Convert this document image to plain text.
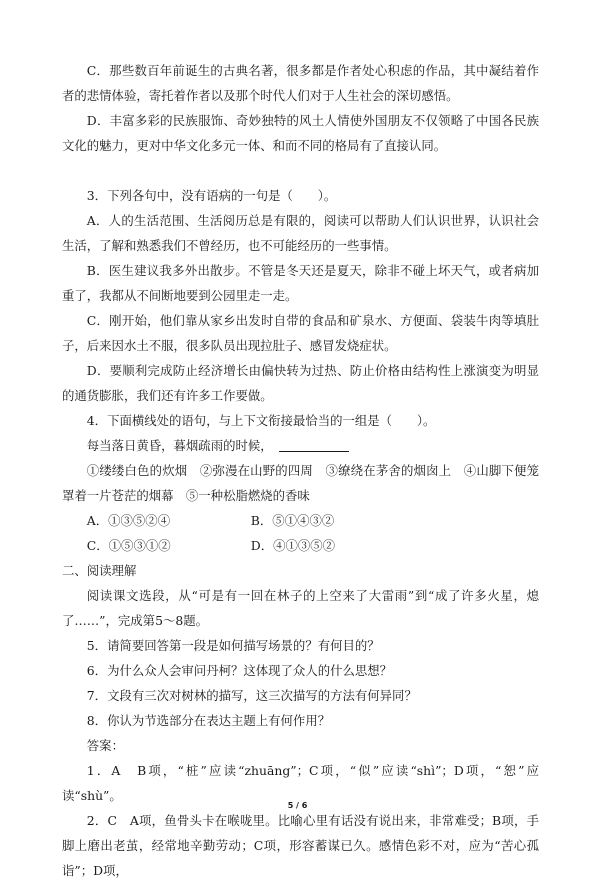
C．那些数百年前诞生的古典名著，很多都是作者处心积虑的作品，其中凝结着作者的悲情体验，寄托着作者以及那个时代人们对于人生社会的深切感悟。

D．丰富多彩的民族服饰、奇妙独特的风土人情使外国朋友不仅领略了中国各民族文化的魅力，更对中华文化多元一体、和而不同的格局有了直接认同。

3．下列各句中，没有语病的一句是（　　）。

A．人的生活范围、生活阅历总是有限的，阅读可以帮助人们认识世界，认识社会生活，了解和熟悉我们不曾经历，也不可能经历的一些事情。

B．医生建议我多外出散步。不管是冬天还是夏天，除非不碰上坏天气，或者病加重了，我都从不间断地要到公园里走一走。

C．刚开始，他们靠从家乡出发时自带的食品和矿泉水、方便面、袋装牛肉等填肚子，后来因水土不服，很多队员出现拉肚子、感冒发烧症状。

D．要顺利完成防止经济增长由偏快转为过热、防止价格由结构性上涨演变为明显的通货膨胀，我们还有许多工作要做。

4．下面横线处的语句，与上下文衔接最恰当的一组是（　　）。

每当落日黄昏，暮烟疏雨的时候，

①缕缕白色的炊烟　②弥漫在山野的四周　③缭绕在茅舍的烟囱上　④山脚下便笼罩着一片苍茫的烟幕　⑤一种松脂燃烧的香味

A．①③⑤②④	B．⑤①④③②
C．①⑤③①②	D．④①③⑤②

二、阅读理解

阅读课文选段，从“可是有一回在林子的上空来了大雷雨”到“成了许多火星，熄了……”，完成第5～8题。

5．请简要回答第一段是如何描写场景的？有何目的？

6．为什么众人会审问丹柯？这体现了众人的什么思想？

7．文段有三次对树林的描写，这三次描写的方法有何异同？

8．你认为节选部分在表达主题上有何作用？

答案：

1．A　B项，“桩”应读“zhuāng”；C项，“似”应读“shì”；D项，“恕”应读“shù”。

2．C　A项，鱼骨头卡在喉咙里。比喻心里有话没有说出来，非常难受；B项，手脚上磨出老茧，经常地辛勤劳动；C项，形容蓄谋已久。感情色彩不对，应为“苦心孤诣”；D项，

5 / 6
